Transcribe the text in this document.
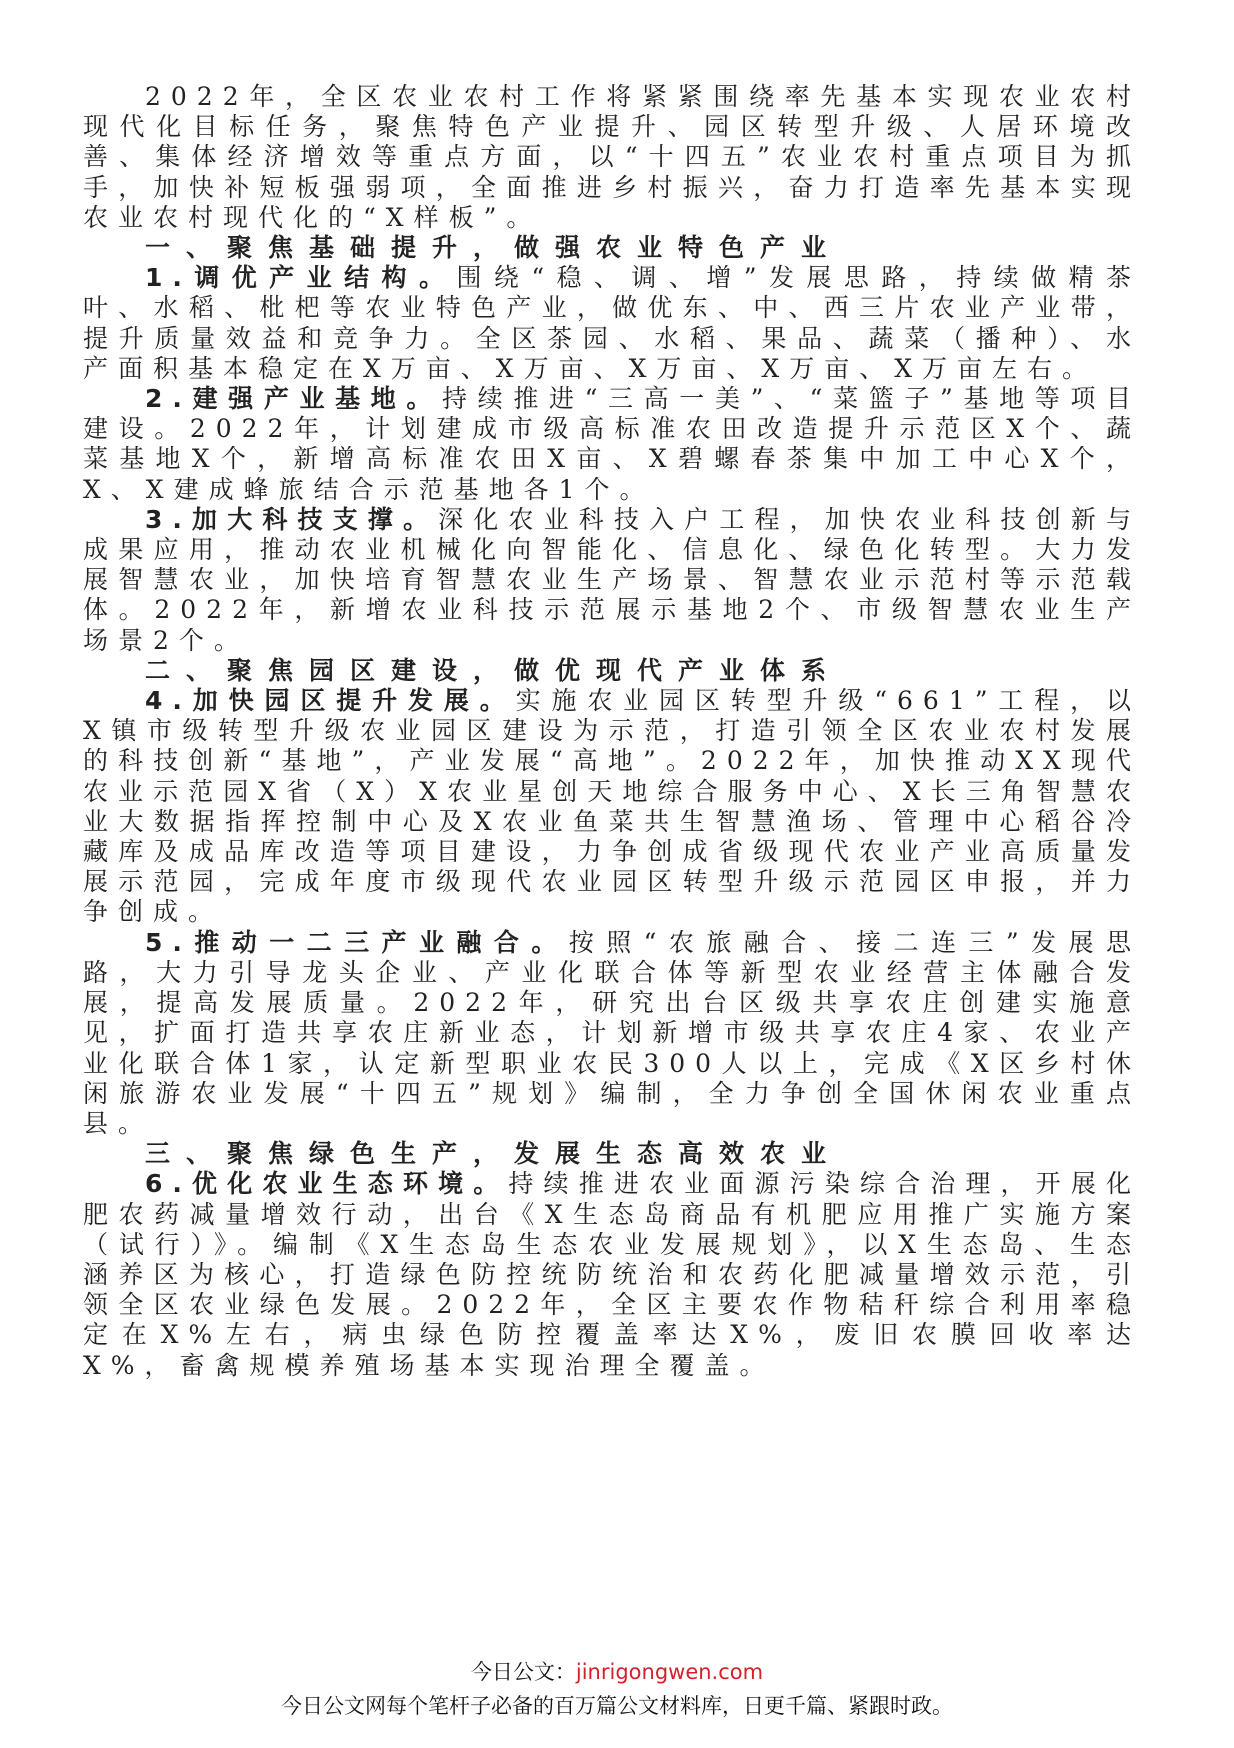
2022年，全区农业农村工作将紧紧围绕率先基本实现农业农村现代化目标任务，聚焦特色产业提升、园区转型升级、人居环境改善、集体经济增效等重点方面，以“十四五”农业农村重点项目为抓手，加快补短板强弱项，全面推进乡村振兴，奋力打造率先基本实现农业农村现代化的“X样板”。

一、聚焦基础提升，做强农业特色产业

1.调优产业结构。围绕“稳、调、增”发展思路，持续做精茶叶、水稻、枇杷等农业特色产业，做优东、中、西三片农业产业带，提升质量效益和竞争力。全区茶园、水稻、果品、蔬菜（播种）、水产面积基本稳定在X万亩、X万亩、X万亩、X万亩、X万亩左右。

2.建强产业基地。持续推进“三高一美”、“菜篮子”基地等项目建设。2022年，计划建成市级高标准农田改造提升示范区X个、蔬菜基地X个，新增高标准农田X亩、X碧螺春茶集中加工中心X个，X、X建成蜂旅结合示范基地各1个。

3.加大科技支撑。深化农业科技入户工程，加快农业科技创新与成果应用，推动农业机械化向智能化、信息化、绿色化转型。大力发展智慧农业，加快培育智慧农业生产场景、智慧农业示范村等示范载体。2022年，新增农业科技示范展示基地2个、市级智慧农业生产场景2个。

二、聚焦园区建设，做优现代产业体系

4.加快园区提升发展。实施农业园区转型升级“661”工程，以X镇市级转型升级农业园区建设为示范，打造引领全区农业农村发展的科技创新“基地”，产业发展“高地”。2022年，加快推动XX现代农业示范园X省（X）X农业星创天地综合服务中心、X长三角智慧农业大数据指挥控制中心及X农业鱼菜共生智慧渔场、管理中心稻谷冷藏库及成品库改造等项目建设，力争创成省级现代农业产业高质量发展示范园，完成年度市级现代农业园区转型升级示范园区申报，并力争创成。

5.推动一二三产业融合。按照“农旅融合、接二连三”发展思路，大力引导龙头企业、产业化联合体等新型农业经营主体融合发展，提高发展质量。2022年，研究出台区级共享农庄创建实施意见，扩面打造共享农庄新业态，计划新增市级共享农庄4家、农业产业化联合体1家，认定新型职业农民300人以上，完成《X区乡村休闲旅游农业发展“十四五”规划》编制，全力争创全国休闲农业重点县。

三、聚焦绿色生产，发展生态高效农业

6.优化农业生态环境。持续推进农业面源污染综合治理，开展化肥农药减量增效行动，出台《X生态岛商品有机肥应用推广实施方案（试行）》。编制《X生态岛生态农业发展规划》，以X生态岛、生态涵养区为核心，打造绿色防控统防统治和农药化肥减量增效示范，引领全区农业绿色发展。2022年，全区主要农作物秸秆综合利用率稳定在X%左右，病虫绿色防控覆盖率达X%，废旧农膜回收率达X%，畜禽规模养殖场基本实现治理全覆盖。

今日公文：jinrigongwen.com
今日公文网每个笔杆子必备的百万篇公文材料库，日更千篇、紧跟时政。
